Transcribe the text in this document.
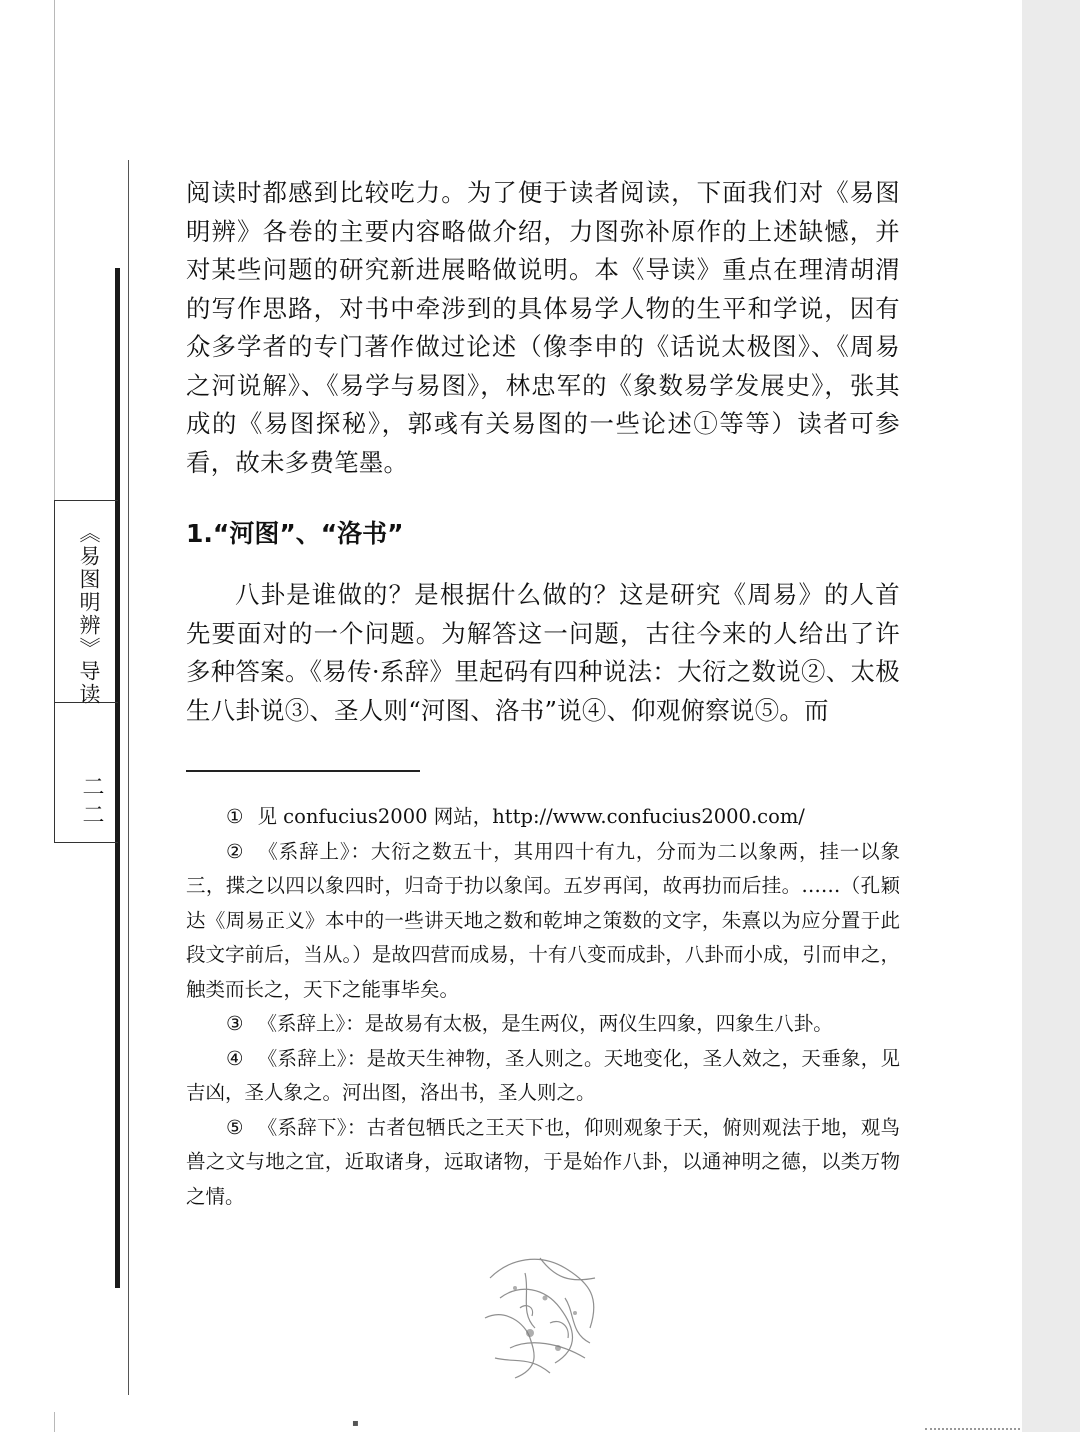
《易图明辨》导读
二二

阅读时都感到比较吃力。为了便于读者阅读，下面我们对《易图明辨》各卷的主要内容略做介绍，力图弥补原作的上述缺憾，并对某些问题的研究新进展略做说明。本《导读》重点在理清胡渭的写作思路，对书中牵涉到的具体易学人物的生平和学说，因有众多学者的专门著作做过论述（像李申的《话说太极图》、《周易之河说解》、《易学与易图》，林忠军的《象数易学发展史》，张其成的《易图探秘》，郭彧有关易图的一些论述①等等）读者可参看，故未多费笔墨。

1.“河图”、“洛书”

八卦是谁做的？是根据什么做的？这是研究《周易》的人首先要面对的一个问题。为解答这一问题，古往今来的人给出了许多种答案。《易传·系辞》里起码有四种说法：大衍之数说②、太极生八卦说③、圣人则“河图、洛书”说④、仰观俯察说⑤。而

① 见 confucius2000 网站，http://www.confucius2000.com/

② 《系辞上》：大衍之数五十，其用四十有九，分而为二以象两，挂一以象三，揲之以四以象四时，归奇于扐以象闰。五岁再闰，故再扐而后挂。……（孔颖达《周易正义》本中的一些讲天地之数和乾坤之策数的文字，朱熹以为应分置于此段文字前后，当从。）是故四营而成易，十有八变而成卦，八卦而小成，引而申之，触类而长之，天下之能事毕矣。

③ 《系辞上》：是故易有太极，是生两仪，两仪生四象，四象生八卦。

④ 《系辞上》：是故天生神物，圣人则之。天地变化，圣人效之，天垂象，见吉凶，圣人象之。河出图，洛出书，圣人则之。

⑤ 《系辞下》：古者包牺氏之王天下也，仰则观象于天，俯则观法于地，观鸟兽之文与地之宜，近取诸身，远取诸物，于是始作八卦，以通神明之德，以类万物之情。

▪
